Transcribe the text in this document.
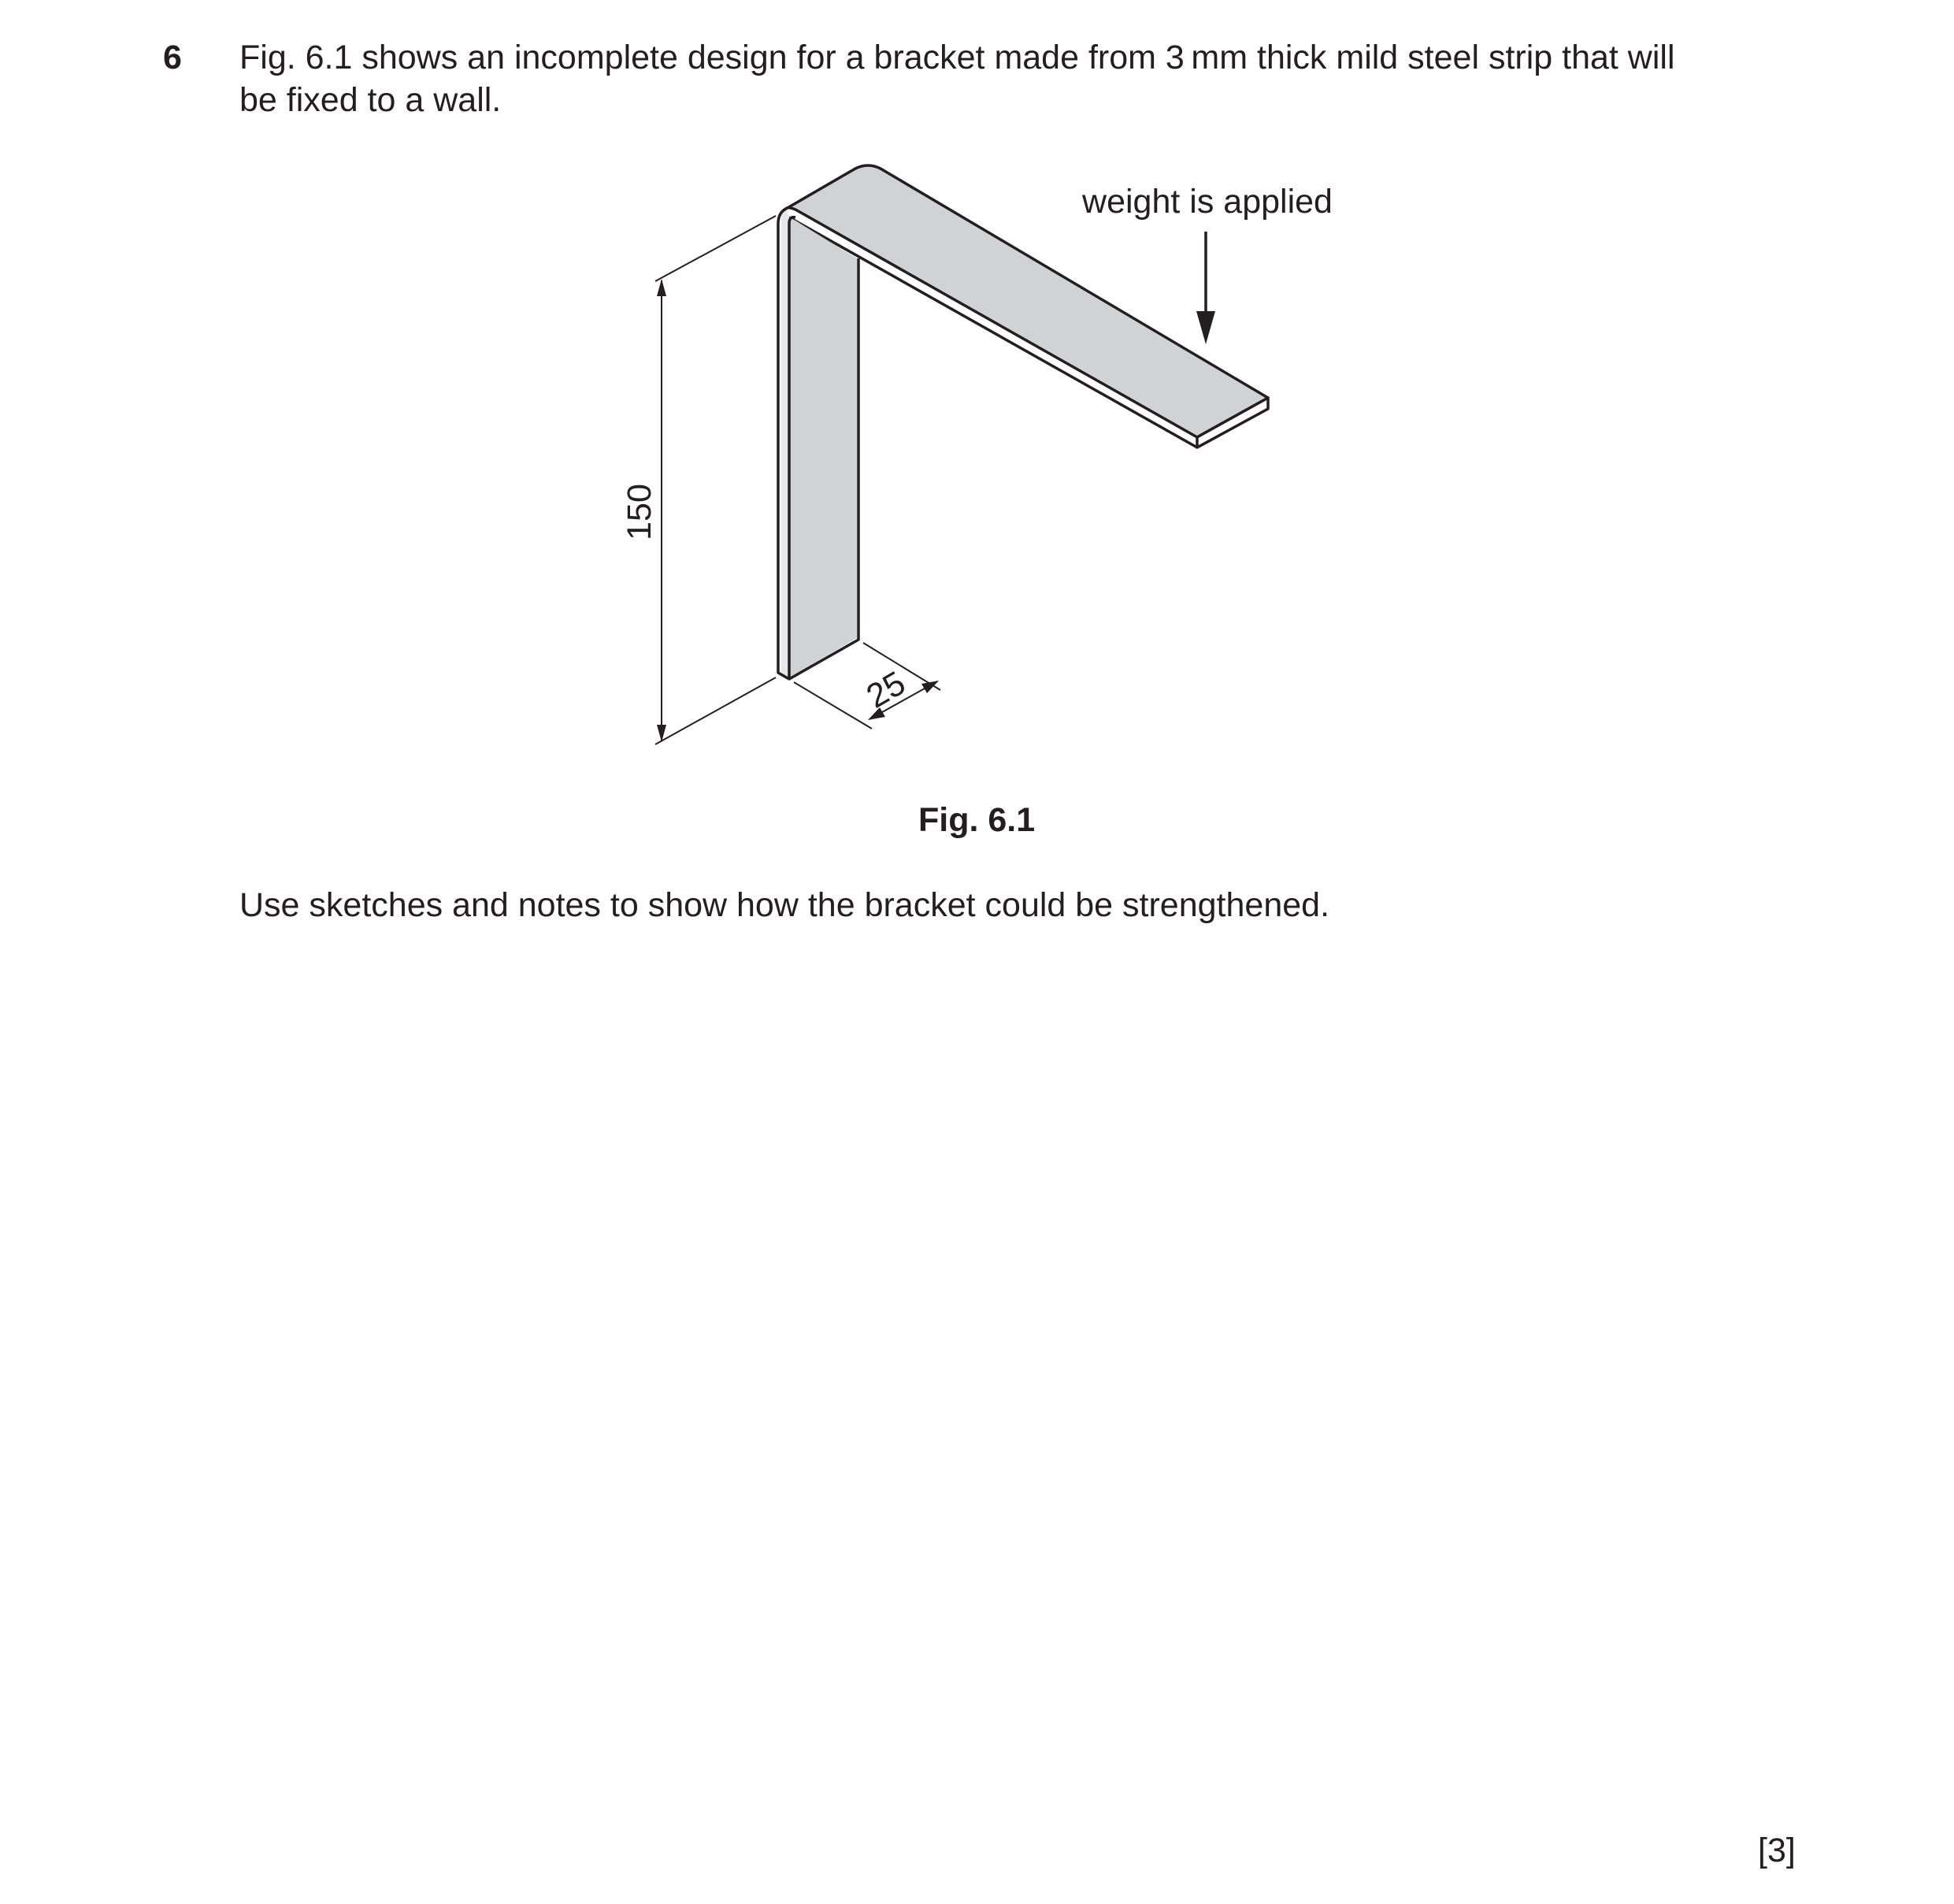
6 Fig. 6.1 shows an incomplete design for a bracket made from 3 mm thick mild steel strip that will
be fixed to a wall.
weight is applied
150
25
Fig. 6.1
Use sketches and notes to show how the bracket could be strengthened.
[3]
